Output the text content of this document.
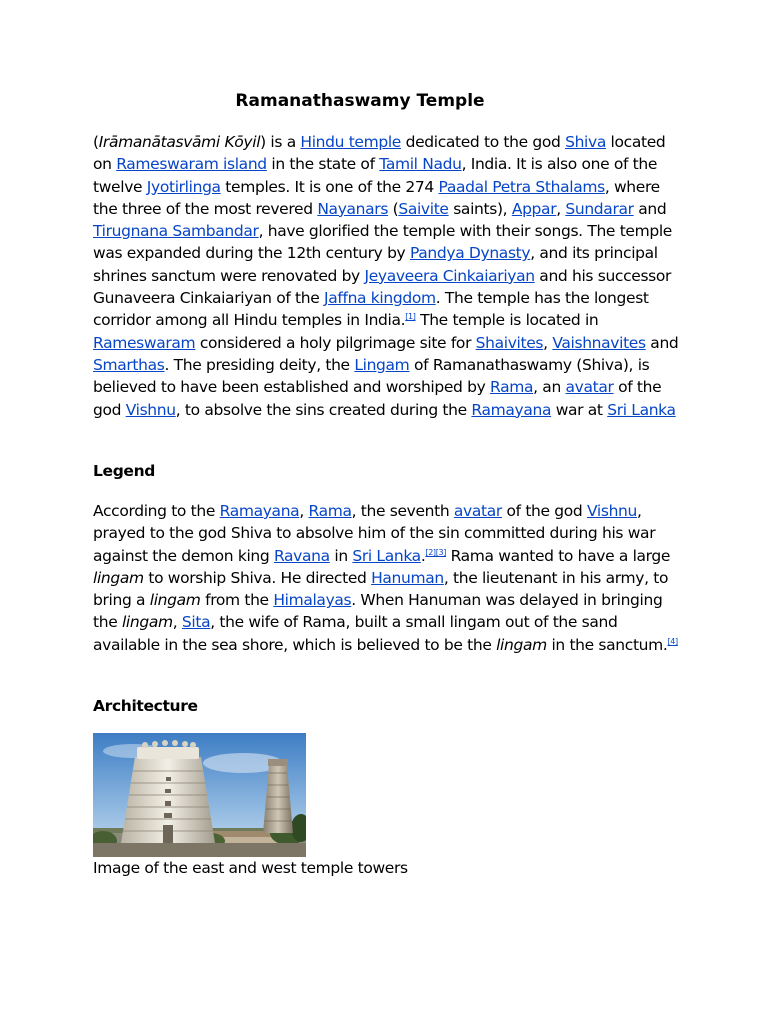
Ramanathaswamy Temple
(Irāmanātasvāmi Kōyil) is a Hindu temple dedicated to the god Shiva located on Rameswaram island in the state of Tamil Nadu, India. It is also one of the twelve Jyotirlinga temples. It is one of the 274 Paadal Petra Sthalams, where the three of the most revered Nayanars (Saivite saints), Appar, Sundarar and Tirugnana Sambandar, have glorified the temple with their songs. The temple was expanded during the 12th century by Pandya Dynasty, and its principal shrines sanctum were renovated by Jeyaveera Cinkaiariyan and his successor Gunaveera Cinkaiariyan of the Jaffna kingdom. The temple has the longest corridor among all Hindu temples in India.[1] The temple is located in Rameswaram considered a holy pilgrimage site for Shaivites, Vaishnavites and Smarthas. The presiding deity, the Lingam of Ramanathaswamy (Shiva), is believed to have been established and worshiped by Rama, an avatar of the god Vishnu, to absolve the sins created during the Ramayana war at Sri Lanka
Legend
According to the Ramayana, Rama, the seventh avatar of the god Vishnu, prayed to the god Shiva to absolve him of the sin committed during his war against the demon king Ravana in Sri Lanka.[2][3] Rama wanted to have a large lingam to worship Shiva. He directed Hanuman, the lieutenant in his army, to bring a lingam from the Himalayas. When Hanuman was delayed in bringing the lingam, Sita, the wife of Rama, built a small lingam out of the sand available in the sea shore, which is believed to be the lingam in the sanctum.[4]
Architecture
Image of the east and west temple towers
